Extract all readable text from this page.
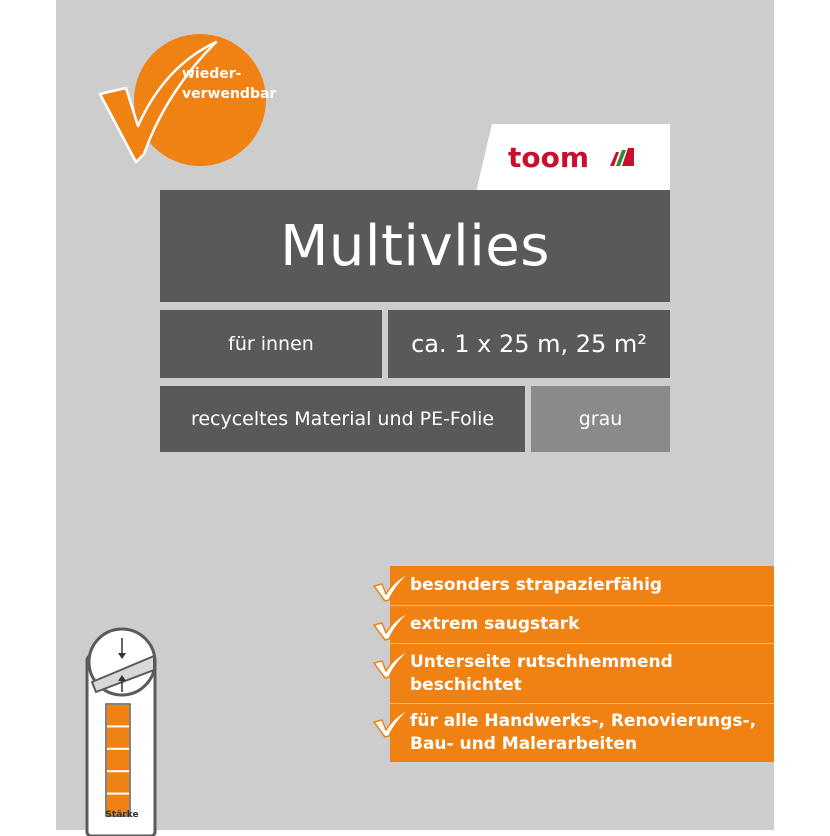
wieder-
verwendbar
toom
Multivlies
für innen	ca. 1 x 25 m, 25 m²
recyceltes Material und PE-Folie	grau
besonders strapazierfähig
extrem saugstark
Unterseite rutschhemmend beschichtet
für alle Handwerks-, Renovierungs-, Bau- und Malerarbeiten
Stärke
